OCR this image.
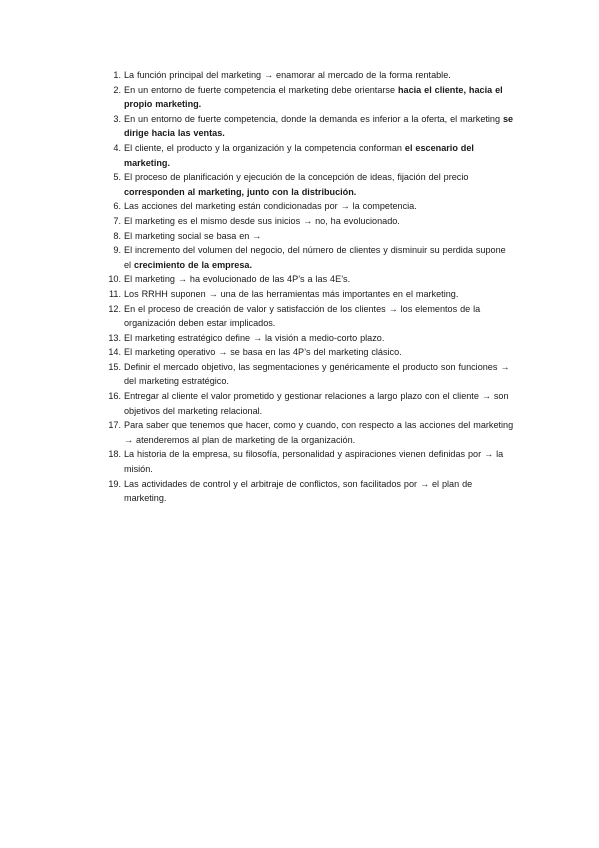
1. La función principal del marketing → enamorar al mercado de la forma rentable.
2. En un entorno de fuerte competencia el marketing debe orientarse hacia el cliente, hacia el propio marketing.
3. En un entorno de fuerte competencia, donde la demanda es inferior a la oferta, el marketing se dirige hacia las ventas.
4. El cliente, el producto y la organización y la competencia conforman el escenario del marketing.
5. El proceso de planificación y ejecución de la concepción de ideas, fijación del precio corresponden al marketing, junto con la distribución.
6. Las acciones del marketing están condicionadas por → la competencia.
7. El marketing es el mismo desde sus inicios → no, ha evolucionado.
8. El marketing social se basa en →
9. El incremento del volumen del negocio, del número de clientes y disminuir su perdida supone el crecimiento de la empresa.
10. El marketing → ha evolucionado de las 4P’s a las 4E’s.
11. Los RRHH suponen → una de las herramientas más importantes en el marketing.
12. En el proceso de creación de valor y satisfacción de los clientes → los elementos de la organización deben estar implicados.
13. El marketing estratégico define → la visión a medio-corto plazo.
14. El marketing operativo → se basa en las 4P’s del marketing clásico.
15. Definir el mercado objetivo, las segmentaciones y genéricamente el producto son funciones → del marketing estratégico.
16. Entregar al cliente el valor prometido y gestionar relaciones a largo plazo con el cliente → son objetivos del marketing relacional.
17. Para saber que tenemos que hacer, como y cuando, con respecto a las acciones del marketing → atenderemos al plan de marketing de la organización.
18. La historia de la empresa, su filosofía, personalidad y aspiraciones vienen definidas por → la misión.
19. Las actividades de control y el arbitraje de conflictos, son facilitados por → el plan de marketing.
